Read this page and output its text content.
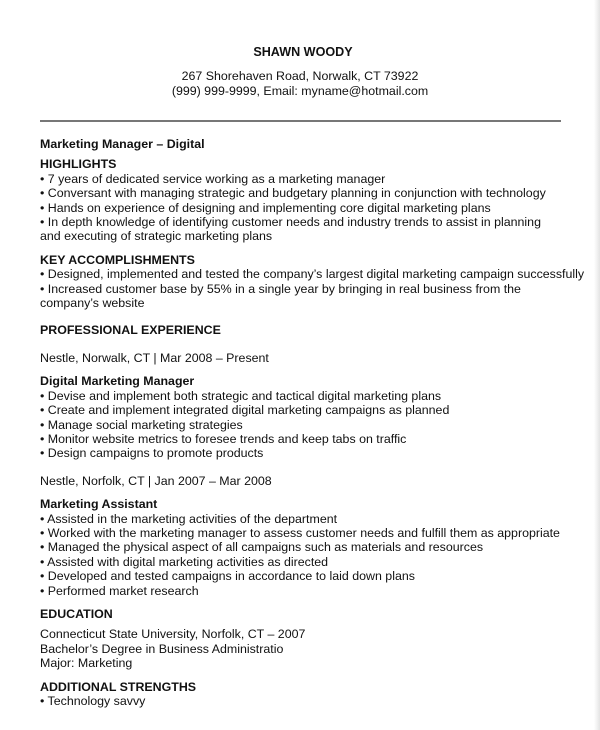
SHAWN WOODY
267 Shorehaven Road, Norwalk, CT 73922
(999) 999-9999, Email: myname@hotmail.com
Marketing Manager – Digital
HIGHLIGHTS
• 7 years of dedicated service working as a marketing manager
• Conversant with managing strategic and budgetary planning in conjunction with technology
• Hands on experience of designing and implementing core digital marketing plans
• In depth knowledge of identifying customer needs and industry trends to assist in planning and executing of strategic marketing plans
KEY ACCOMPLISHMENTS
• Designed, implemented and tested the company’s largest digital marketing campaign successfully
• Increased customer base by 55% in a single year by bringing in real business from the company’s website
PROFESSIONAL EXPERIENCE
Nestle, Norwalk, CT | Mar 2008 – Present
Digital Marketing Manager
• Devise and implement both strategic and tactical digital marketing plans
• Create and implement integrated digital marketing campaigns as planned
• Manage social marketing strategies
• Monitor website metrics to foresee trends and keep tabs on traffic
• Design campaigns to promote products
Nestle, Norfolk, CT | Jan 2007 – Mar 2008
Marketing Assistant
• Assisted in the marketing activities of the department
• Worked with the marketing manager to assess customer needs and fulfill them as appropriate
• Managed the physical aspect of all campaigns such as materials and resources
• Assisted with digital marketing activities as directed
• Developed and tested campaigns in accordance to laid down plans
• Performed market research
EDUCATION
Connecticut State University, Norfolk, CT – 2007
Bachelor’s Degree in Business Administratio
Major: Marketing
ADDITIONAL STRENGTHS
• Technology savvy
